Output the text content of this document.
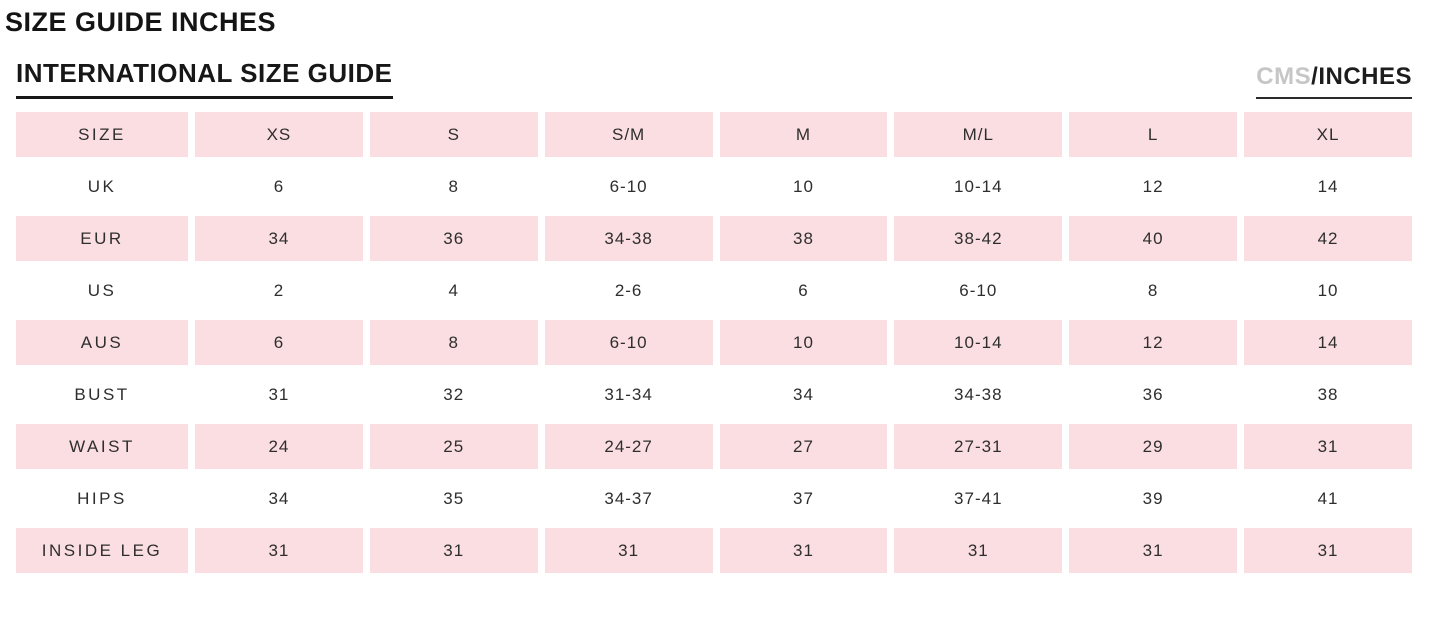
SIZE GUIDE INCHES
INTERNATIONAL SIZE GUIDE	CMS/INCHES
SIZE	XS	S	S/M	M	M/L	L	XL
UK	6	8	6-10	10	10-14	12	14
EUR	34	36	34-38	38	38-42	40	42
US	2	4	2-6	6	6-10	8	10
AUS	6	8	6-10	10	10-14	12	14
BUST	31	32	31-34	34	34-38	36	38
WAIST	24	25	24-27	27	27-31	29	31
HIPS	34	35	34-37	37	37-41	39	41
INSIDE LEG	31	31	31	31	31	31	31
